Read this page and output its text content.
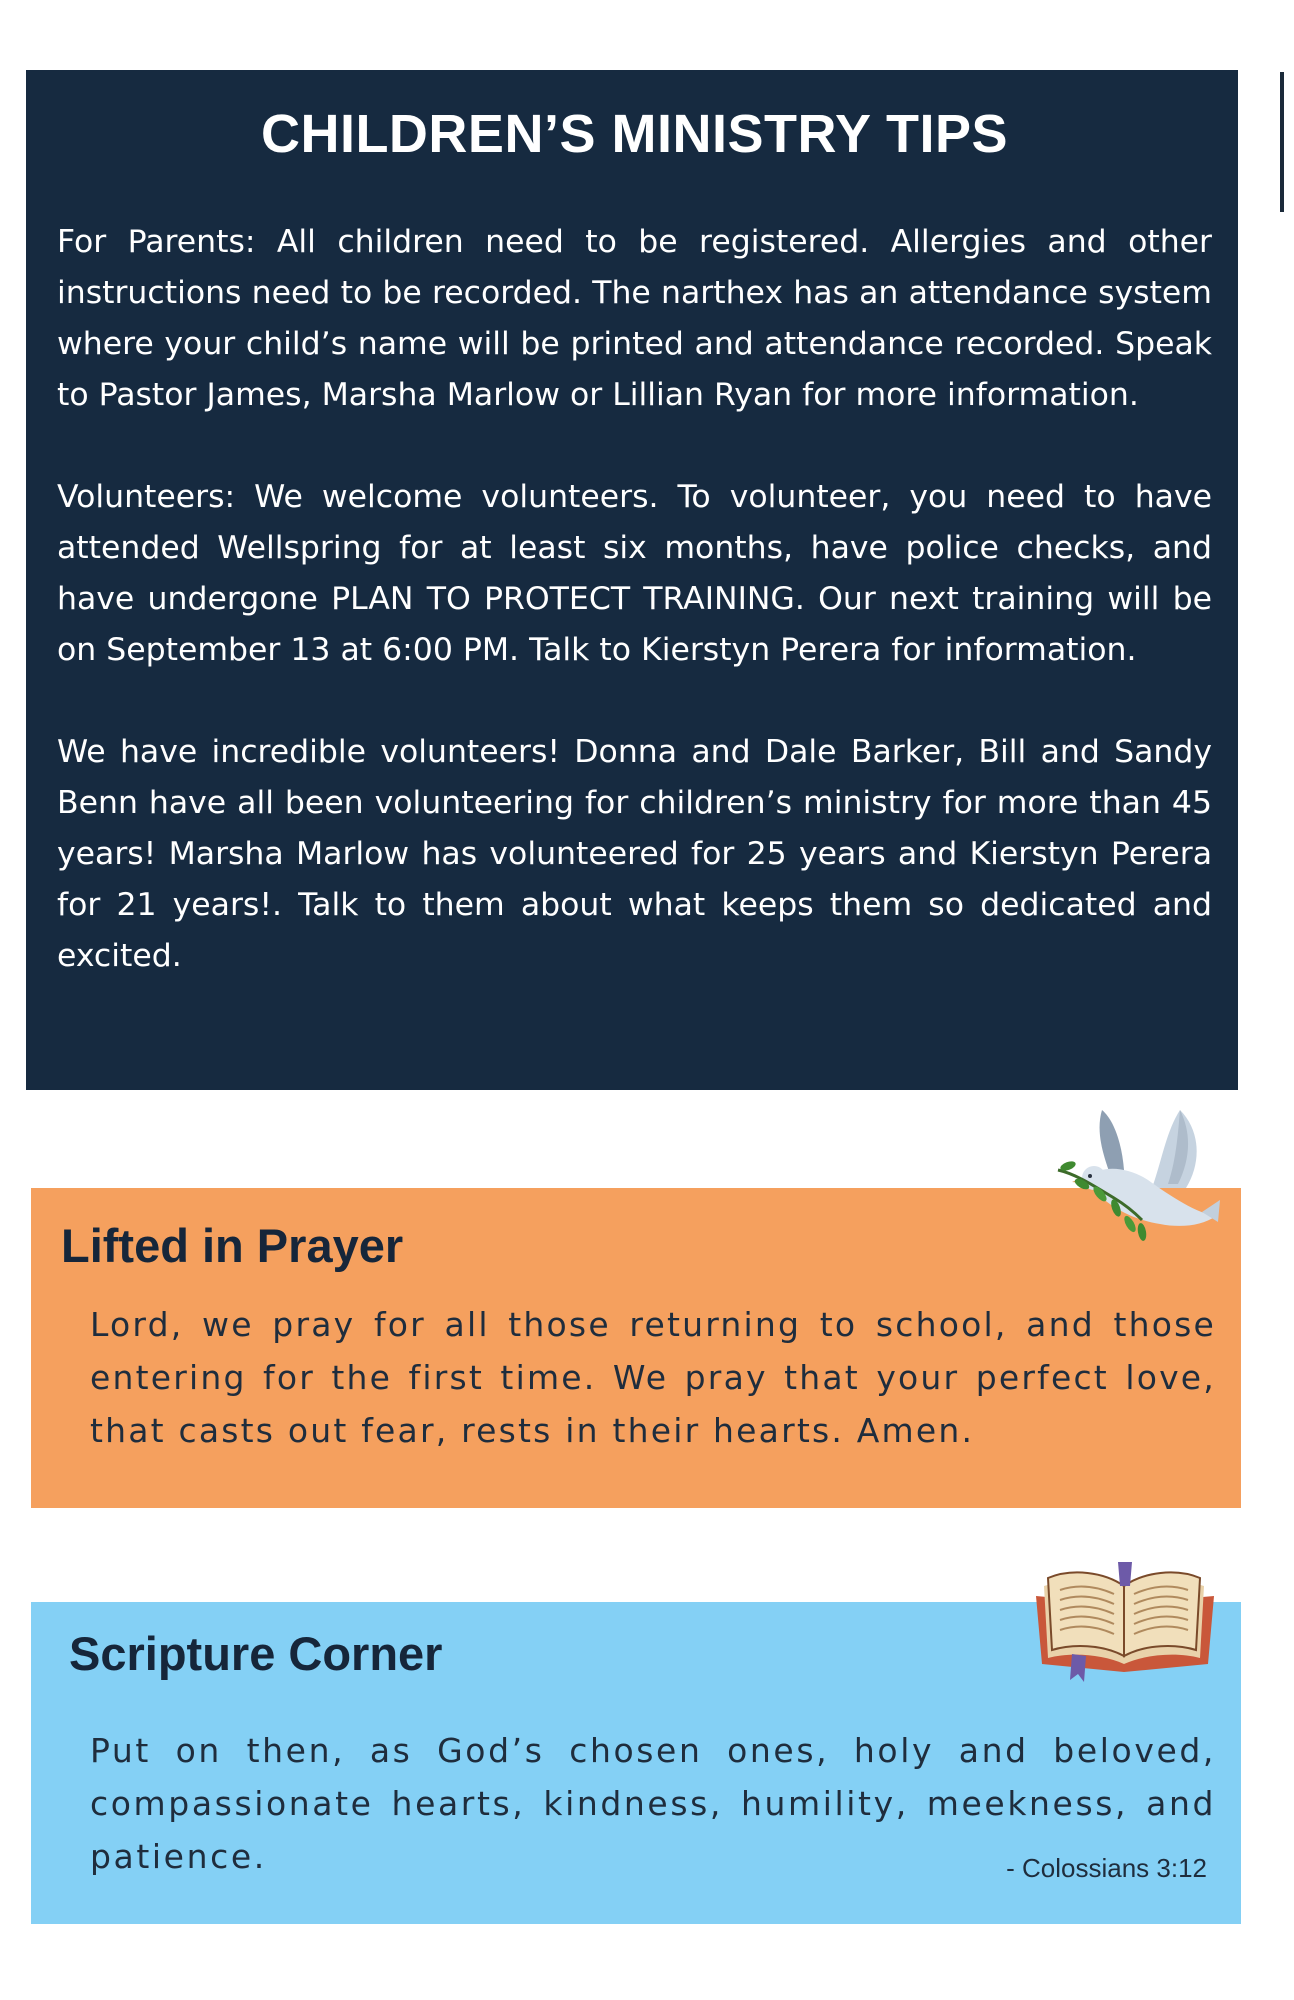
CHILDREN’S MINISTRY TIPS

For Parents: All children need to be registered. Allergies and other instructions need to be recorded. The narthex has an attendance system where your child’s name will be printed and attendance recorded. Speak to Pastor James, Marsha Marlow or Lillian Ryan for more information.

Volunteers: We welcome volunteers. To volunteer, you need to have attended Wellspring for at least six months, have police checks, and have undergone PLAN TO PROTECT TRAINING. Our next training will be on September 13 at 6:00 PM. Talk to Kierstyn Perera for information.

We have incredible volunteers! Donna and Dale Barker, Bill and Sandy Benn have all been volunteering for children’s ministry for more than 45 years! Marsha Marlow has volunteered for 25 years and Kierstyn Perera for 21 years!. Talk to them about what keeps them so dedicated and excited.

Lifted in Prayer

Lord, we pray for all those returning to school, and those entering for the first time. We pray that your perfect love, that casts out fear, rests in their hearts. Amen.

Scripture Corner

Put on then, as God’s chosen ones, holy and beloved, compassionate hearts, kindness, humility, meekness, and patience.	- Colossians 3:12
